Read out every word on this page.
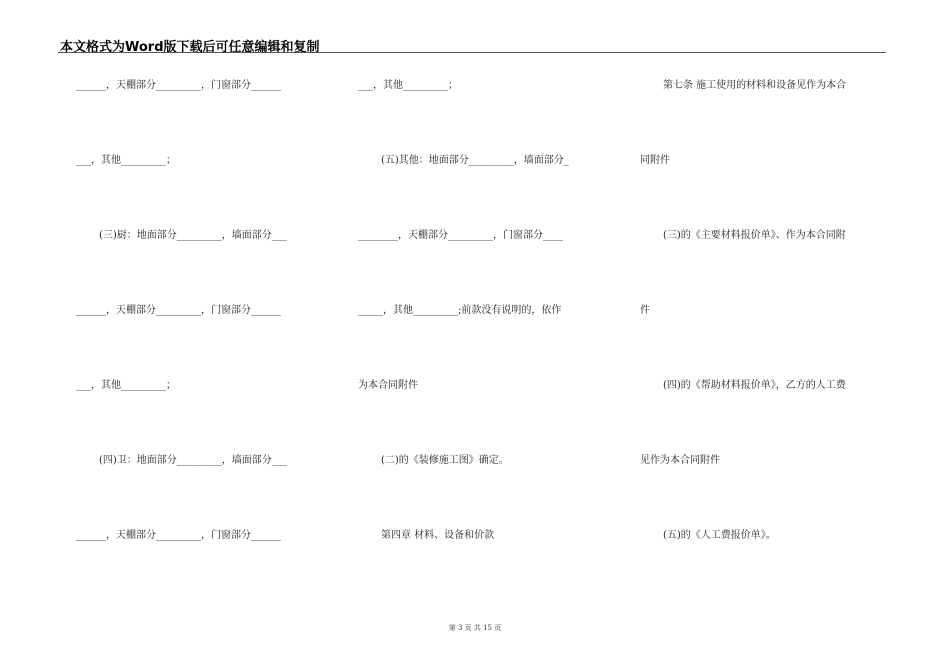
本文格式为Word版下载后可任意编辑和复制
______，天棚部分_________，门窗部分______
___，其他_________；
(三)厨：地面部分_________，墙面部分___
______，天棚部分_________，门窗部分______
___，其他_________；
(四)卫：地面部分_________，墙面部分___
______，天棚部分_________，门窗部分______
___，其他_________；
(五)其他：地面部分_________，墙面部分_
________，天棚部分_________，门窗部分____
_____，其他_________;前款没有说明的，依作
为本合同附件
(二)的《装修施工图》确定。
第四章 材料、设备和价款
第七条 施工使用的材料和设备见作为本合
同附件
(三)的《主要材料报价单》、作为本合同附
件
(四)的《帮助材料报价单》，乙方的人工费
见作为本合同附件
(五)的《人工费报价单》。
第 3 页 共 15 页
